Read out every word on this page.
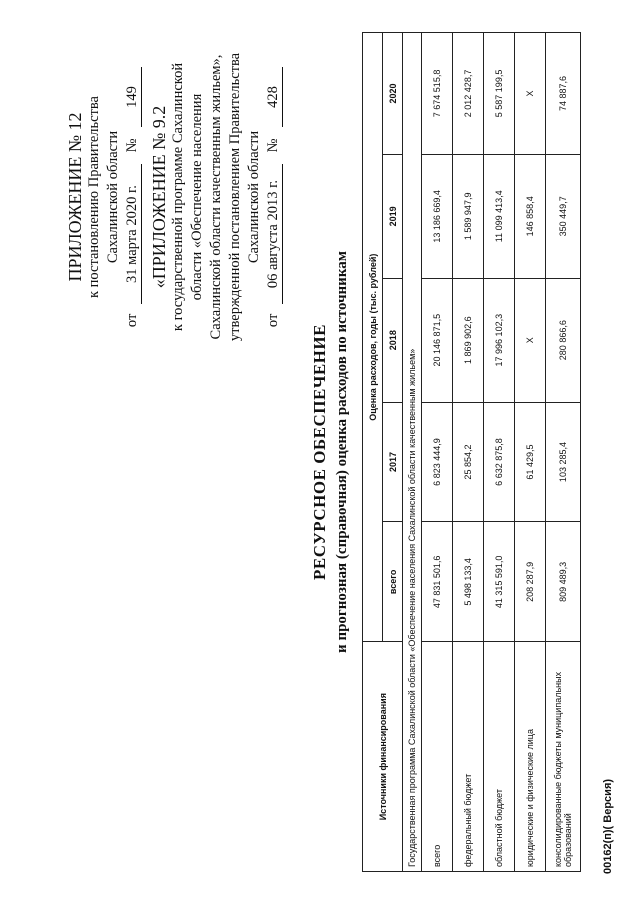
ПРИЛОЖЕНИЕ № 12 к постановлению Правительства Сахалинской области
от 31 марта 2020 г. № 149
«ПРИЛОЖЕНИЕ № 9.2 к государственной программе Сахалинской области «Обеспечение населения Сахалинской области качественным жильем», утвержденной постановлением Правительства Сахалинской области
от 06 августа 2013 г. № 428
РЕСУРСНОЕ ОБЕСПЕЧЕНИЕ и прогнозная (справочная) оценка расходов по источникам
Источники финансирования	Оценка расходов, годы (тыс. рублей)				
	всего	2017	2018	2019	2020
Государственная программа Сахалинской области «Обеспечение населения Сахалинской области качественным жильем»					
всего	47 831 501,6	6 823 444,9	20 146 871,5	13 186 669,4	7 674 515,8
федеральный бюджет	5 498 133,4	25 854,2	1 869 902,6	1 589 947,9	2 012 428,7
областной бюджет	41 315 591,0	6 632 875,8	17 996 102,3	11 099 413,4	5 587 199,5
юридические и физические лица	208 287,9	61 429,5	X	146 858,4	X
консолидированные бюджеты муниципальных образований	809 489,3	103 285,4	280 866,6	350 449,7	74 887,6
00162(п)( Версия)
